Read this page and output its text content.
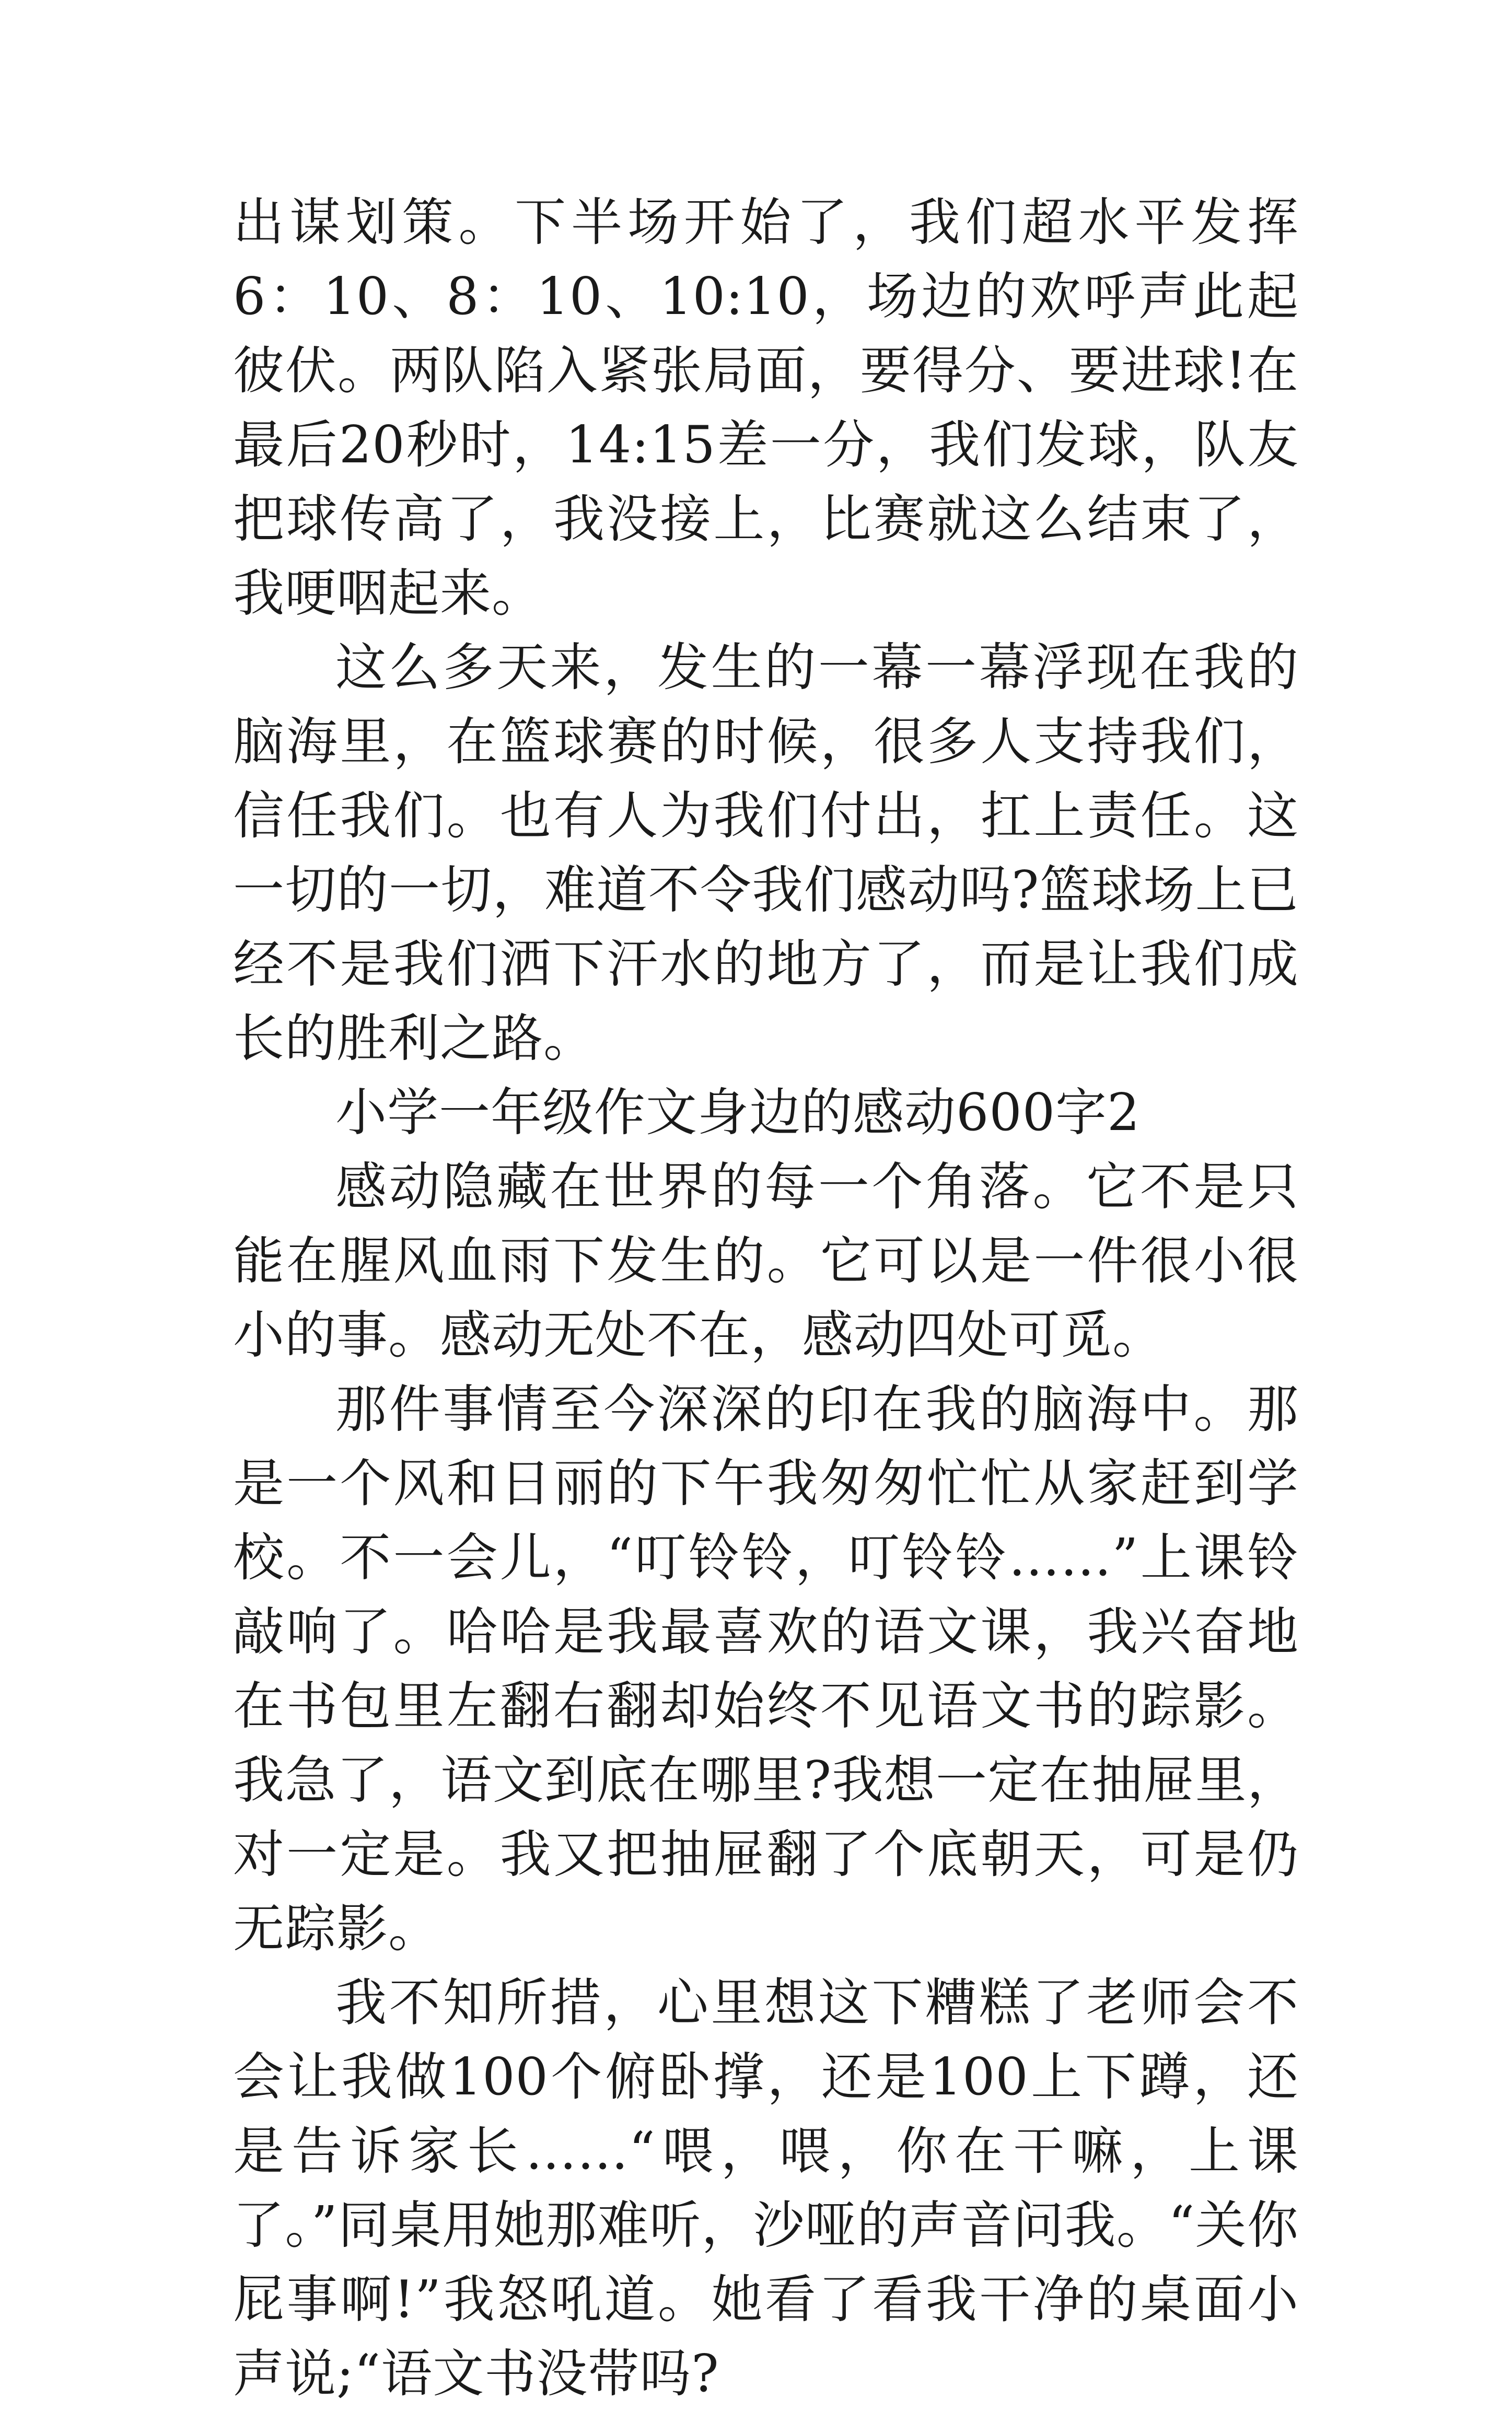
出谋划策。下半场开始了，我们超水平发挥6：10、8：10、10:10，场边的欢呼声此起彼伏。两队陷入紧张局面，要得分、要进球!在最后20秒时，14:15差一分，我们发球，队友把球传高了，我没接上，比赛就这么结束了，我哽咽起来。

这么多天来，发生的一幕一幕浮现在我的脑海里，在篮球赛的时候，很多人支持我们，信任我们。也有人为我们付出，扛上责任。这一切的一切，难道不令我们感动吗?篮球场上已经不是我们洒下汗水的地方了，而是让我们成长的胜利之路。

小学一年级作文身边的感动600字2

感动隐藏在世界的每一个角落。它不是只能在腥风血雨下发生的。它可以是一件很小很小的事。感动无处不在，感动四处可觅。

那件事情至今深深的印在我的脑海中。那是一个风和日丽的下午我匆匆忙忙从家赶到学校。不一会儿，“叮铃铃，叮铃铃……”上课铃敲响了。哈哈是我最喜欢的语文课，我兴奋地在书包里左翻右翻却始终不见语文书的踪影。我急了，语文到底在哪里?我想一定在抽屉里，对一定是。我又把抽屉翻了个底朝天，可是仍无踪影。

我不知所措，心里想这下糟糕了老师会不会让我做100个俯卧撑，还是100上下蹲，还是告诉家长……“喂，喂，你在干嘛，上课了。”同桌用她那难听，沙哑的声音问我。“关你屁事啊!”我怒吼道。她看了看我干净的桌面小声说;“语文书没带吗?
